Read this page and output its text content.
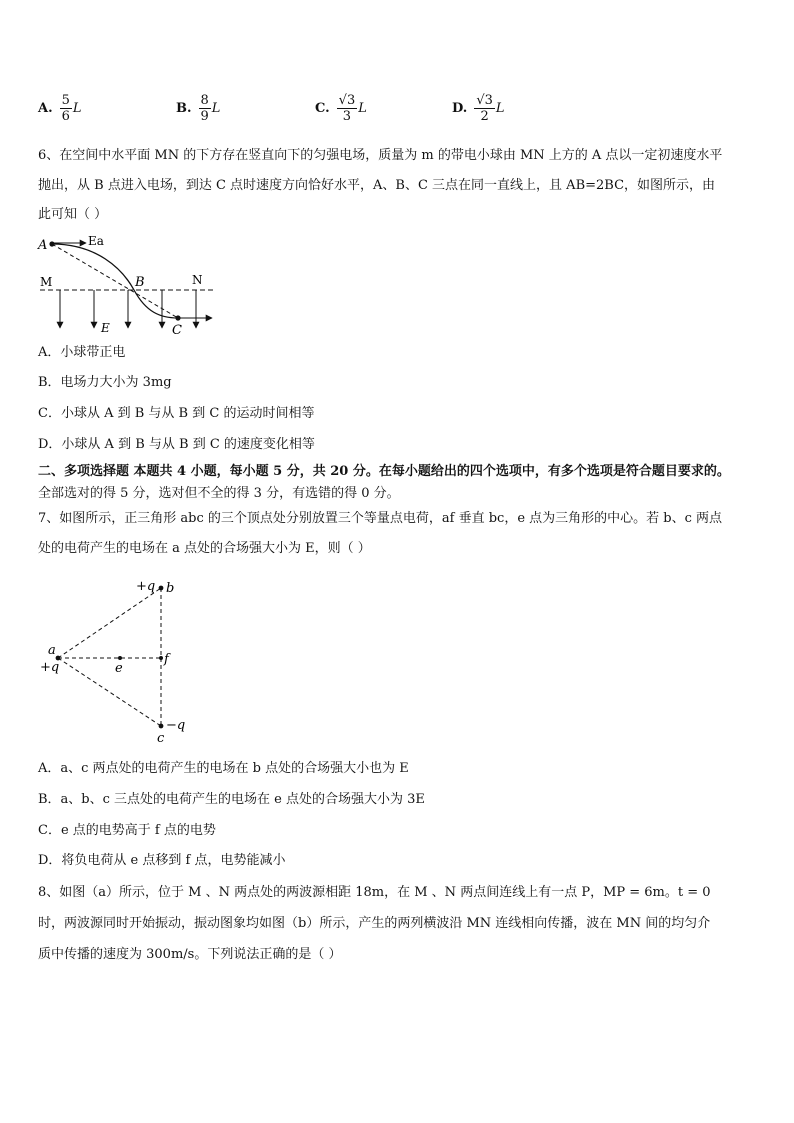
A. $\frac{5}{6}$ L	B. $\frac{8}{9}$ L	C. $\frac{√3}{3}$ L	D. $\frac{√3}{2}$ L
6、在空间中水平面 MN 的下方存在竖直向下的匀强电场，质量为 m 的带电小球由 MN 上方的 A 点以一定初速度水平
抛出，从 B 点进入电场，到达 C 点时速度方向恰好水平，A、B、C 三点在同一直线上，且 AB=2BC，如图所示，由
此可知（ ）
A	Ea
M	B	N
E	C
A．小球带正电
B．电场力大小为 3mg
C．小球从 A 到 B 与从 B 到 C 的运动时间相等
D．小球从 A 到 B 与从 B 到 C 的速度变化相等
二、多项选择题 本题共 4 小题，每小题 5 分，共 20 分。在每小题给出的四个选项中，有多个选项是符合题目要求的。
全部选对的得 5 分，选对但不全的得 3 分，有选错的得 0 分。
7、如图所示，正三角形 abc 的三个顶点处分别放置三个等量点电荷，af 垂直 bc，e 点为三角形的中心。若 b、c 两点
处的电荷产生的电场在 a 点处的合场强大小为 E，则（ ）
+q b
a
+q	e
f
−q
c
A．a、c 两点处的电荷产生的电场在 b 点处的合场强大小也为 E
B．a、b、c 三点处的电荷产生的电场在 e 点处的合场强大小为 3E
C．e 点的电势高于 f 点的电势
D．将负电荷从 e 点移到 f 点，电势能减小
8、如图（a）所示，位于 M 、N 两点处的两波源相距 18m，在 M 、N 两点间连线上有一点 P，MP = 6m。t = 0
时，两波源同时开始振动，振动图象均如图（b）所示，产生的两列横波沿 MN 连线相向传播，波在 MN 间的均匀介
质中传播的速度为 300m/s。下列说法正确的是（ ）
